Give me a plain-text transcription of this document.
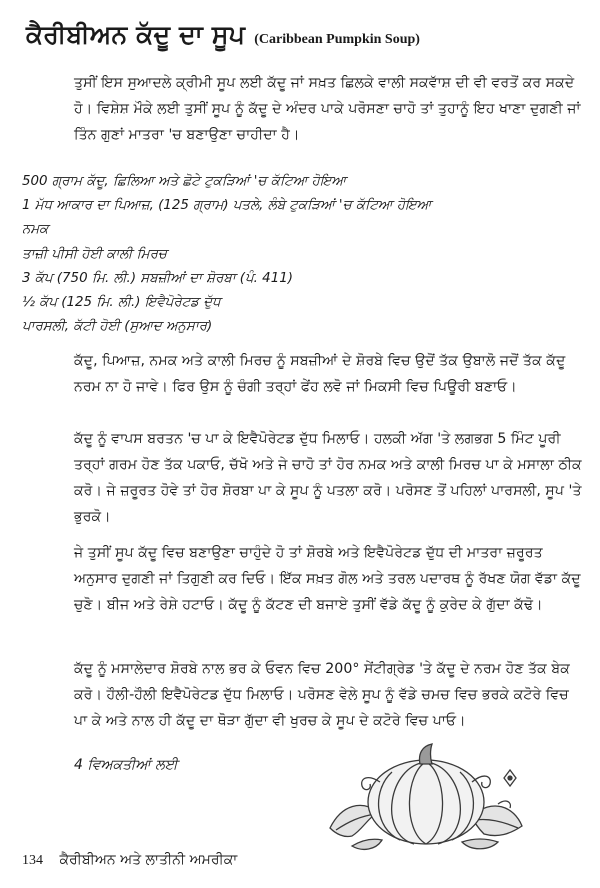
ਕੈਰੀਬੀਅਨ ਕੱਦੂ ਦਾ ਸੂਪ (Caribbean Pumpkin Soup)

ਤੁਸੀਂ ਇਸ ਸੁਆਦਲੇ ਕ੍ਰੀਮੀ ਸੂਪ ਲਈ ਕੱਦੂ ਜਾਂ ਸਖ਼ਤ ਛਿਲਕੇ ਵਾਲੀ ਸਕਵਾੱਸ਼ ਦੀ ਵੀ ਵਰਤੋਂ ਕਰ ਸਕਦੇ ਹੋ। ਵਿਸ਼ੇਸ਼ ਮੌਕੇ ਲਈ ਤੁਸੀਂ ਸੂਪ ਨੂੰ ਕੱਦੂ ਦੇ ਅੰਦਰ ਪਾਕੇ ਪਰੋਸਣਾ ਚਾਹੋ ਤਾਂ ਤੁਹਾਨੂੰ ਇਹ ਖਾਣਾ ਦੁਗਣੀ ਜਾਂ ਤਿੰਨ ਗੁਣਾਂ ਮਾਤਰਾ 'ਚ ਬਣਾਉਣਾ ਚਾਹੀਦਾ ਹੈ।

500 ਗ੍ਰਾਮ ਕੱਦੂ, ਛਿਲਿਆ ਅਤੇ ਛੋਟੇ ਟੁਕੜਿਆਂ 'ਚ ਕੱਟਿਆ ਹੋਇਆ
1 ਮੱਧ ਆਕਾਰ ਦਾ ਪਿਆਜ਼, (125 ਗ੍ਰਾਮ) ਪਤਲੇ, ਲੰਬੇ ਟੁਕੜਿਆਂ 'ਚ ਕੱਟਿਆ ਹੋਇਆ
ਨਮਕ
ਤਾਜ਼ੀ ਪੀਸੀ ਹੋਈ ਕਾਲੀ ਮਿਰਚ
3 ਕੱਪ (750 ਮਿ. ਲੀ.) ਸਬਜ਼ੀਆਂ ਦਾ ਸ਼ੋਰਬਾ (ਪੰ. 411)
½ ਕੱਪ (125 ਮਿ. ਲੀ.) ਇਵੈਪੋਰੇਟਡ ਦੁੱਧ
ਪਾਰਸਲੀ, ਕੱਟੀ ਹੋਈ (ਸੁਆਦ ਅਨੁਸਾਰ)

ਕੱਦੂ, ਪਿਆਜ਼, ਨਮਕ ਅਤੇ ਕਾਲੀ ਮਿਰਚ ਨੂੰ ਸਬਜ਼ੀਆਂ ਦੇ ਸ਼ੋਰਬੇ ਵਿਚ ਉਦੋਂ ਤੱਕ ਉਬਾਲੋ ਜਦੋਂ ਤੱਕ ਕੱਦੂ ਨਰਮ ਨਾ ਹੋ ਜਾਵੇ। ਫਿਰ ਉਸ ਨੂੰ ਚੰਗੀ ਤਰ੍ਹਾਂ ਫੇਂਹ ਲਵੋ ਜਾਂ ਮਿਕਸੀ ਵਿਚ ਪਿਊਰੀ ਬਣਾਓ।

ਕੱਦੂ ਨੂੰ ਵਾਪਸ ਬਰਤਨ 'ਚ ਪਾ ਕੇ ਇਵੈਪੋਰੇਟਡ ਦੁੱਧ ਮਿਲਾਓ। ਹਲਕੀ ਅੱਗ 'ਤੇ ਲਗਭਗ 5 ਮਿੰਟ ਪੂਰੀ ਤਰ੍ਹਾਂ ਗਰਮ ਹੋਣ ਤੱਕ ਪਕਾਓ, ਚੱਖੋ ਅਤੇ ਜੇ ਚਾਹੋ ਤਾਂ ਹੋਰ ਨਮਕ ਅਤੇ ਕਾਲੀ ਮਿਰਚ ਪਾ ਕੇ ਮਸਾਲਾ ਠੀਕ ਕਰੋ। ਜੇ ਜ਼ਰੂਰਤ ਹੋਵੇ ਤਾਂ ਹੋਰ ਸ਼ੋਰਬਾ ਪਾ ਕੇ ਸੂਪ ਨੂੰ ਪਤਲਾ ਕਰੋ। ਪਰੋਸਣ ਤੋਂ ਪਹਿਲਾਂ ਪਾਰਸਲੀ, ਸੂਪ 'ਤੇ ਭੁਰਕੋ।

ਜੇ ਤੁਸੀਂ ਸੂਪ ਕੱਦੂ ਵਿਚ ਬਣਾਉਣਾ ਚਾਹੁੰਦੇ ਹੋ ਤਾਂ ਸ਼ੋਰਬੇ ਅਤੇ ਇਵੈਪੋਰੇਟਡ ਦੁੱਧ ਦੀ ਮਾਤਰਾ ਜ਼ਰੂਰਤ ਅਨੁਸਾਰ ਦੁਗਣੀ ਜਾਂ ਤਿਗੁਣੀ ਕਰ ਦਿਓ। ਇੱਕ ਸਖ਼ਤ ਗੋਲ ਅਤੇ ਤਰਲ ਪਦਾਰਥ ਨੂੰ ਰੱਖਣ ਯੋਗ ਵੱਡਾ ਕੱਦੂ ਚੁਣੋ। ਬੀਜ ਅਤੇ ਰੇਸ਼ੇ ਹਟਾਓ। ਕੱਦੂ ਨੂੰ ਕੱਟਣ ਦੀ ਬਜਾਏ ਤੁਸੀਂ ਵੱਡੇ ਕੱਦੂ ਨੂੰ ਕੁਰੇਦ ਕੇ ਗੁੱਦਾ ਕੱਢੋ।

ਕੱਦੂ ਨੂੰ ਮਸਾਲੇਦਾਰ ਸ਼ੋਰਬੇ ਨਾਲ ਭਰ ਕੇ ਓਵਨ ਵਿਚ 200° ਸੇਂਟੀਗ੍ਰੇਡ 'ਤੇ ਕੱਦੂ ਦੇ ਨਰਮ ਹੋਣ ਤੱਕ ਬੇਕ ਕਰੋ। ਹੌਲੀ-ਹੌਲੀ ਇਵੈਪੋਰੇਟਡ ਦੁੱਧ ਮਿਲਾਓ। ਪਰੋਸਣ ਵੇਲੇ ਸੂਪ ਨੂੰ ਵੱਡੇ ਚਮਚ ਵਿਚ ਭਰਕੇ ਕਟੋਰੇ ਵਿਚ ਪਾ ਕੇ ਅਤੇ ਨਾਲ ਹੀ ਕੱਦੂ ਦਾ ਥੋੜਾ ਗੁੱਦਾ ਵੀ ਖੁਰਚ ਕੇ ਸੂਪ ਦੇ ਕਟੋਰੇ ਵਿਚ ਪਾਓ।

4 ਵਿਅਕਤੀਆਂ ਲਈ
134 ਕੈਰੀਬੀਅਨ ਅਤੇ ਲਾਤੀਨੀ ਅਮਰੀਕਾ
